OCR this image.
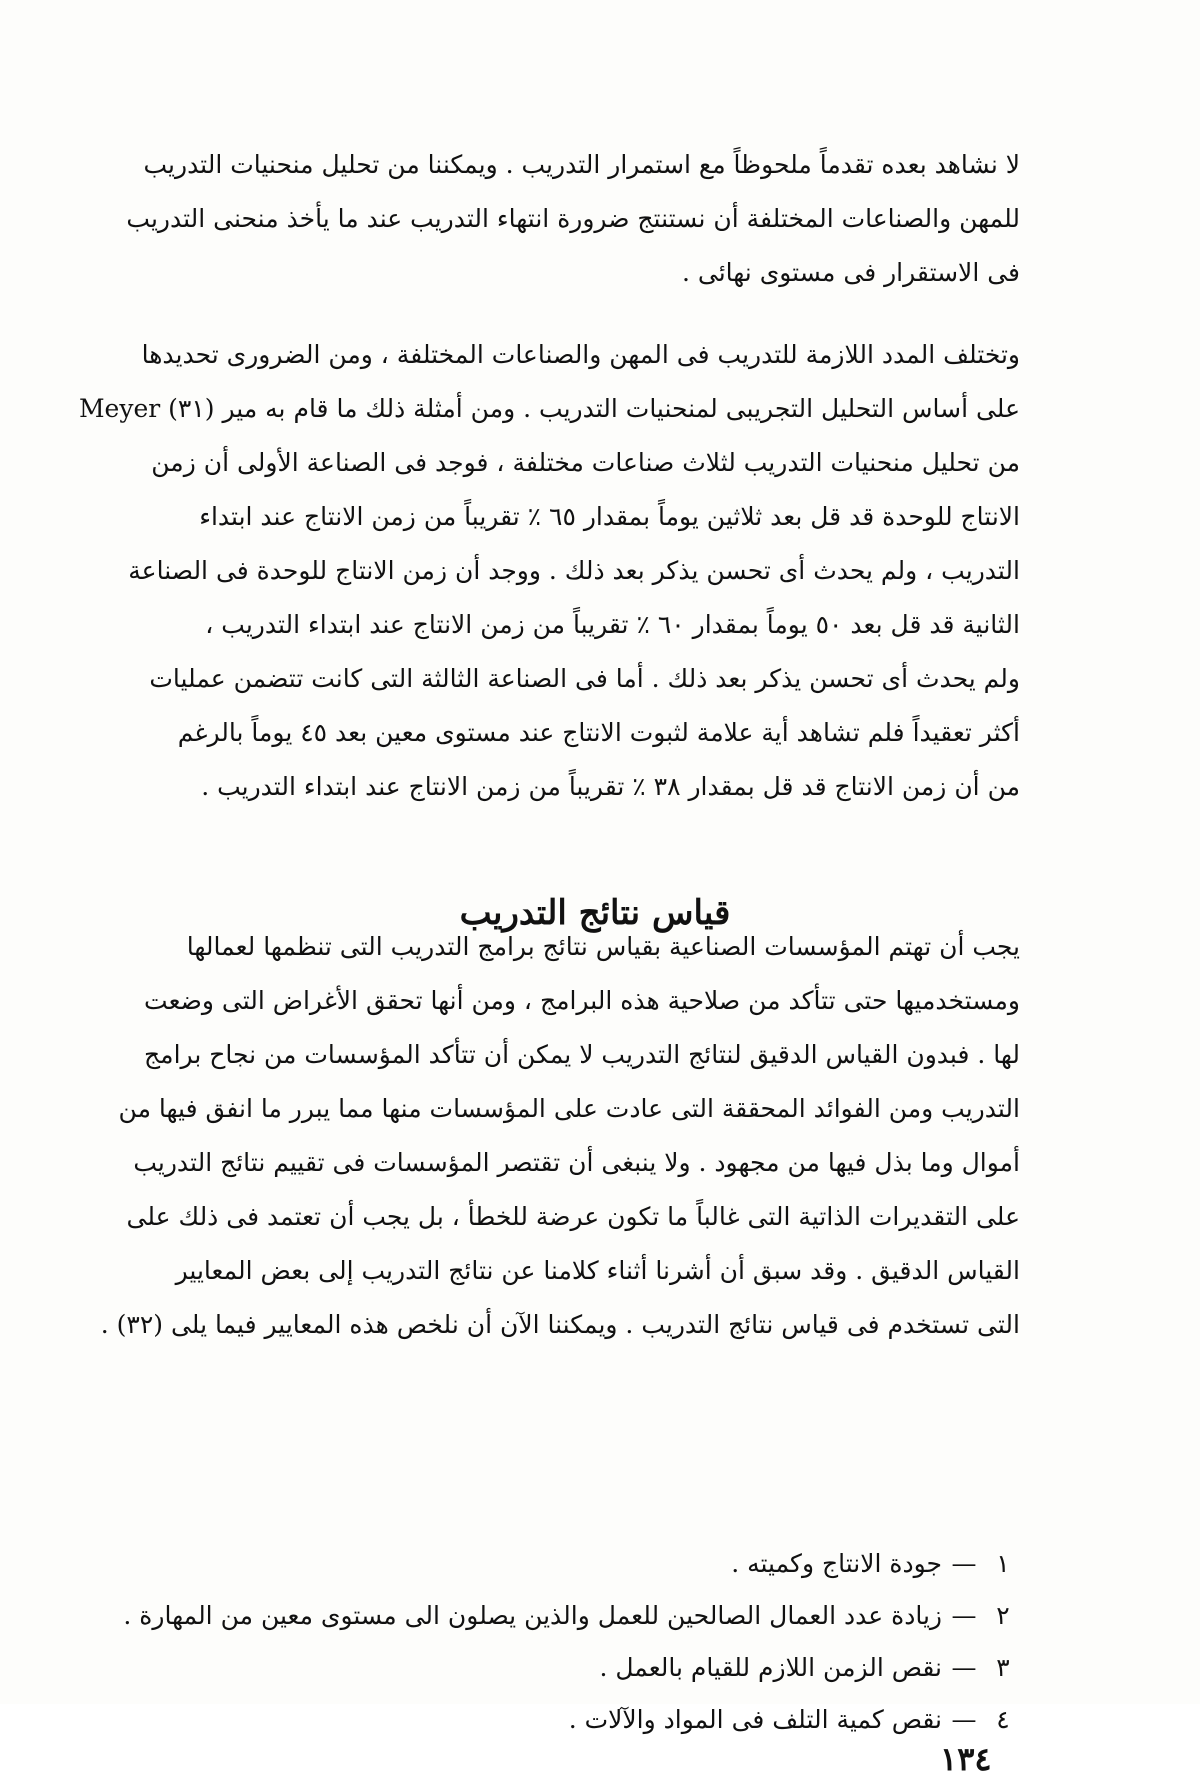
لا نشاهد بعده تقدماً ملحوظاً مع استمرار التدريب . ويمكننا من تحليل منحنيات التدريب
للمهن والصناعات المختلفة أن نستنتج ضرورة انتهاء التدريب عند ما يأخذ منحنى التدريب
فى الاستقرار فى مستوى نهائى .
وتختلف المدد اللازمة للتدريب فى المهن والصناعات المختلفة ، ومن الضرورى تحديدها
على أساس التحليل التجريبى لمنحنيات التدريب . ومن أمثلة ذلك ما قام به مير (٣١) Meyer
من تحليل منحنيات التدريب لثلاث صناعات مختلفة ، فوجد فى الصناعة الأولى أن زمن
الانتاج للوحدة قد قل بعد ثلاثين يوماً بمقدار ٦٥ ٪ تقريباً من زمن الانتاج عند ابتداء
التدريب ، ولم يحدث أى تحسن يذكر بعد ذلك . ووجد أن زمن الانتاج للوحدة فى الصناعة
الثانية قد قل بعد ٥٠ يوماً بمقدار ٦٠ ٪ تقريباً من زمن الانتاج عند ابتداء التدريب ،
ولم يحدث أى تحسن يذكر بعد ذلك . أما فى الصناعة الثالثة التى كانت تتضمن عمليات
أكثر تعقيداً فلم تشاهد أية علامة لثبوت الانتاج عند مستوى معين بعد ٤٥ يوماً بالرغم
من أن زمن الانتاج قد قل بمقدار ٣٨ ٪ تقريباً من زمن الانتاج عند ابتداء التدريب .
قياس نتائج التدريب
يجب أن تهتم المؤسسات الصناعية بقياس نتائج برامج التدريب التى تنظمها لعمالها
ومستخدميها حتى تتأكد من صلاحية هذه البرامج ، ومن أنها تحقق الأغراض التى وضعت
لها . فبدون القياس الدقيق لنتائج التدريب لا يمكن أن تتأكد المؤسسات من نجاح برامج
التدريب ومن الفوائد المحققة التى عادت على المؤسسات منها مما يبرر ما انفق فيها من
أموال وما بذل فيها من مجهود . ولا ينبغى أن تقتصر المؤسسات فى تقييم نتائج التدريب
على التقديرات الذاتية التى غالباً ما تكون عرضة للخطأ ، بل يجب أن تعتمد فى ذلك على
القياس الدقيق . وقد سبق أن أشرنا أثناء كلامنا عن نتائج التدريب إلى بعض المعايير
التى تستخدم فى قياس نتائج التدريب . ويمكننا الآن أن نلخص هذه المعايير فيما يلى (٣٢) .
١—جودة الانتاج وكميته .
٢—زيادة عدد العمال الصالحين للعمل والذين يصلون الى مستوى معين من المهارة .
٣—نقص الزمن اللازم للقيام بالعمل .
٤—نقص كمية التلف فى المواد والآلات .
١٣٤
